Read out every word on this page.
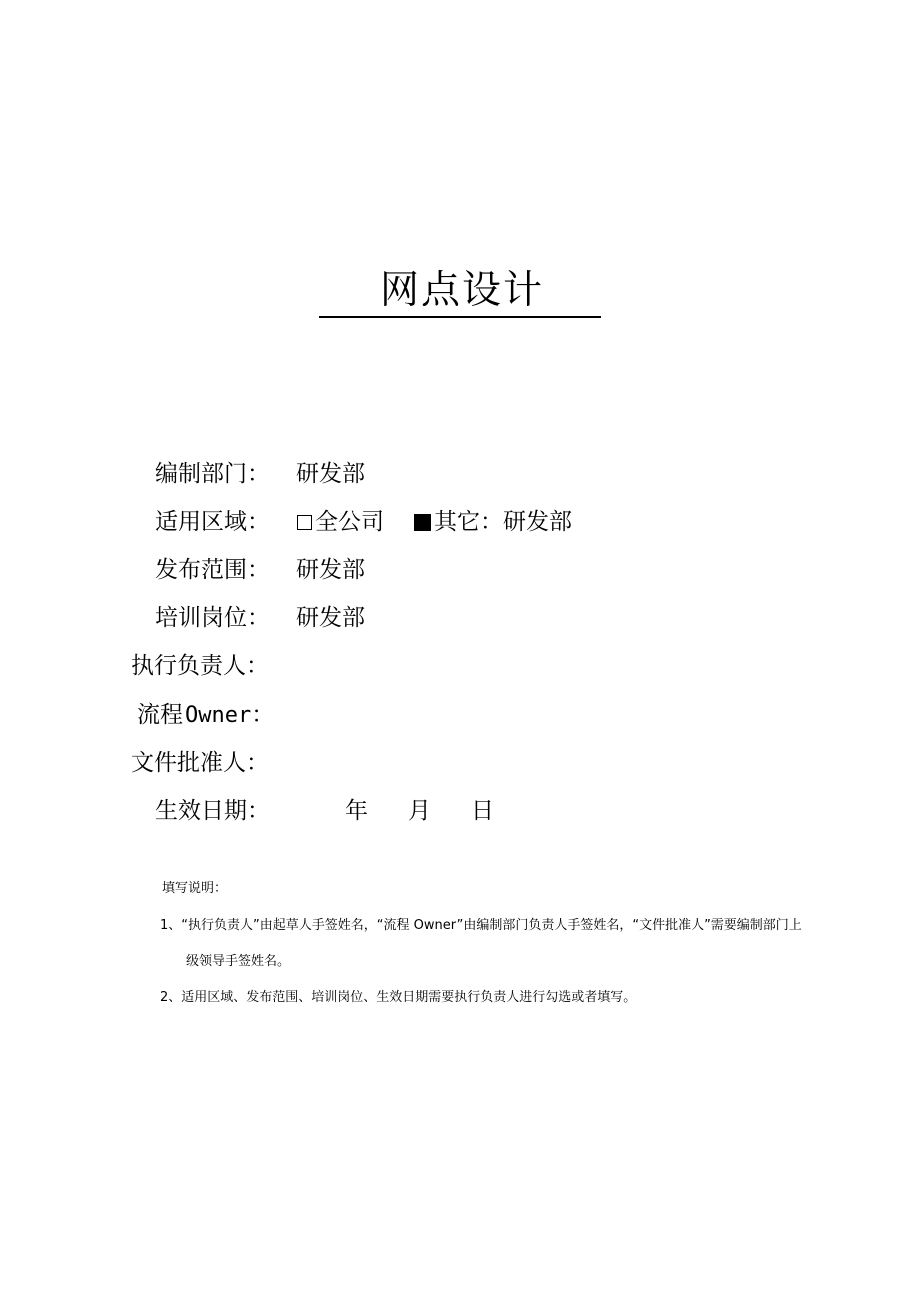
网点设计
编制部门： 研发部
适用区域： 全公司 其它：研发部
发布范围： 研发部
培训岗位： 研发部
执行负责人：
流程Owner：
文件批准人：
生效日期：	年 月 日
填写说明：
1、“执行负责人”由起草人手签姓名，“流程 Owner”由编制部门负责人手签姓名，“文件批准人”需要编制部门上
级领导手签姓名。
2、适用区域、发布范围、培训岗位、生效日期需要执行负责人进行勾选或者填写。
